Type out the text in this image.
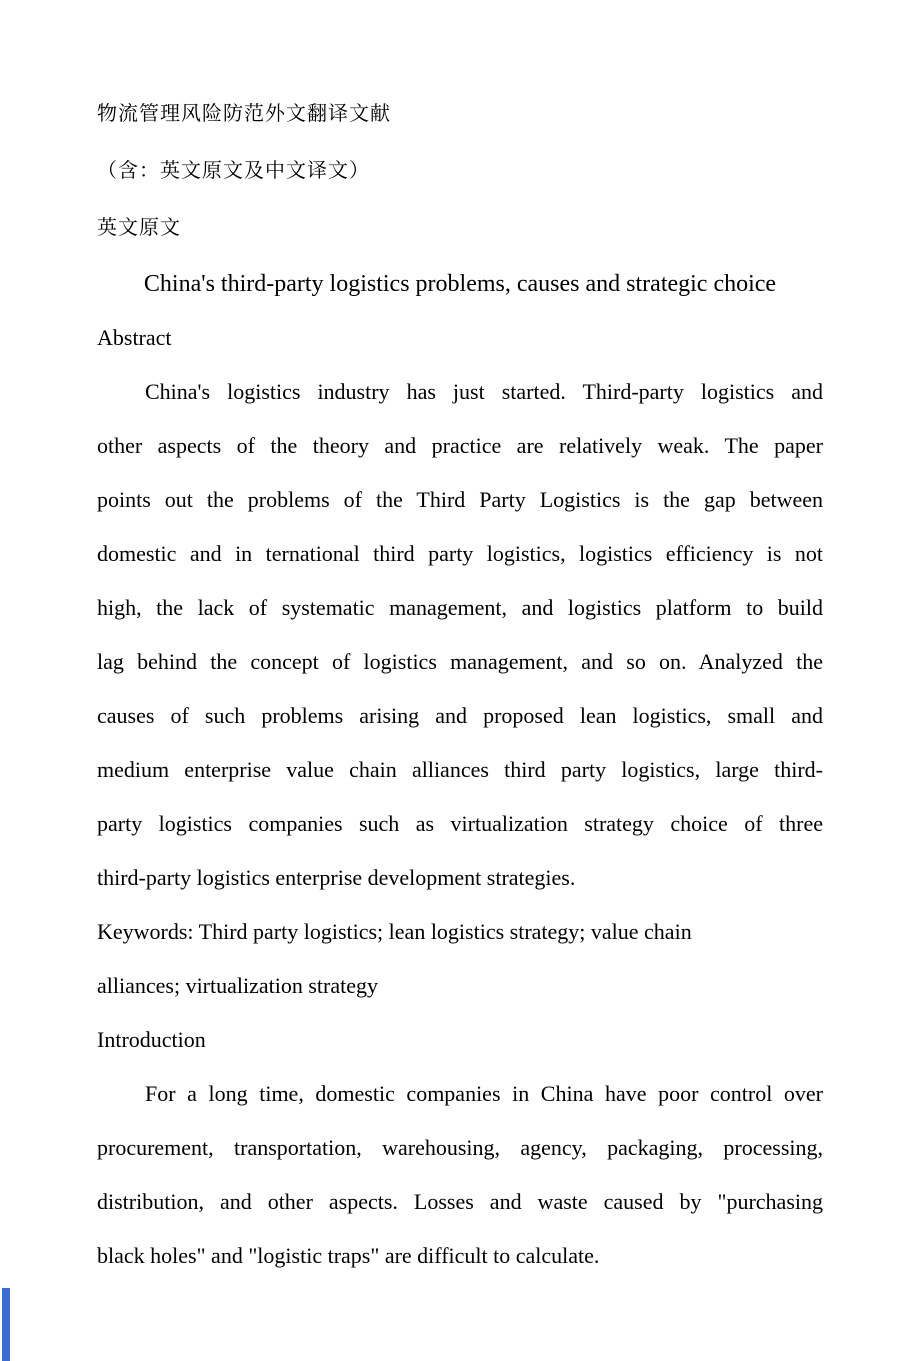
物流管理风险防范外文翻译文献
（含：英文原文及中文译文）
英文原文
China's third-party logistics problems, causes and strategic choice
Abstract
China's logistics industry has just started. Third-party logistics and
other aspects of the theory and practice are relatively weak. The paper
points out the problems of the Third Party Logistics is the gap between
domestic and in ternational third party logistics, logistics efficiency is not
high, the lack of systematic management, and logistics platform to build
lag behind the concept of logistics management, and so on. Analyzed the
causes of such problems arising and proposed lean logistics, small and
medium enterprise value chain alliances third party logistics, large third-
party logistics companies such as virtualization strategy choice of three
third-party logistics enterprise development strategies.
Keywords: Third party logistics; lean logistics strategy; value chain
alliances; virtualization strategy
Introduction
For a long time, domestic companies in China have poor control over
procurement, transportation, warehousing, agency, packaging, processing,
distribution, and other aspects. Losses and waste caused by "purchasing
black holes" and "logistic traps" are difficult to calculate.
